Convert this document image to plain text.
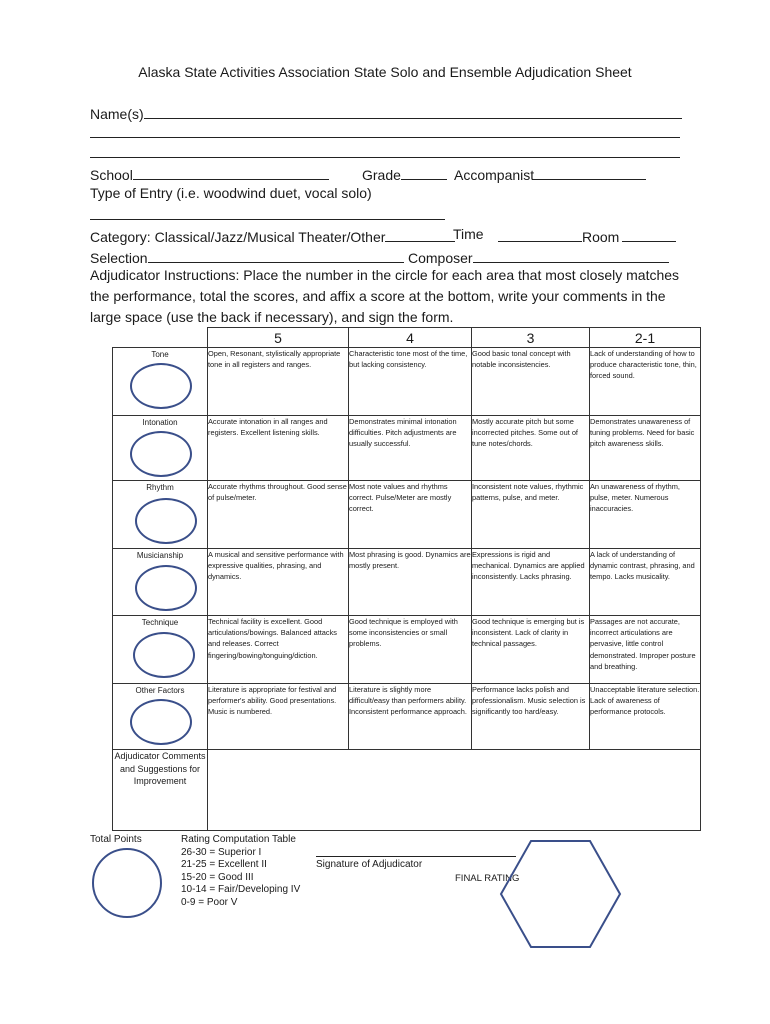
Alaska State Activities Association State Solo and Ensemble Adjudication Sheet
Name(s)
School	Grade	Accompanist
Type of Entry (i.e. woodwind duet, vocal solo)
Category: Classical/Jazz/Musical Theater/Other	Time	Room
Selection	Composer
Adjudicator Instructions: Place the number in the circle for each area that most closely matches the performance, total the scores, and affix a score at the bottom, write your comments in the large space (use the back if necessary), and sign the form.
	5	4	3	2-1

Tone	Open, Resonant, stylistically appropriate tone in all registers and ranges.	Characteristic tone most of the time, but lacking consistency.	Good basic tonal concept with notable inconsistencies.	Lack of understanding of how to produce characteristic tone, thin, forced sound.

Intonation	Accurate intonation in all ranges and registers. Excellent listening skills.	Demonstrates minimal intonation difficulties. Pitch adjustments are usually successful.	Mostly accurate pitch but some incorrected pitches. Some out of tune notes/chords.	Demonstrates unawareness of tuning problems. Need for basic pitch awareness skills.

Rhythm	Accurate rhythms throughout. Good sense of pulse/meter.	Most note values and rhythms correct. Pulse/Meter are mostly correct.	Inconsistent note values, rhythmic patterns, pulse, and meter.	An unawareness of rhythm, pulse, meter. Numerous inaccuracies.

Musicianship	A musical and sensitive performance with expressive qualities, phrasing, and dynamics.	Most phrasing is good. Dynamics are mostly present.	Expressions is rigid and mechanical. Dynamics are applied inconsistently. Lacks phrasing.	A lack of understanding of dynamic contrast, phrasing, and tempo. Lacks musicality.

Technique	Technical facility is excellent. Good articulations/bowings. Balanced attacks and releases. Correct fingering/bowing/tonguing/diction.	Good technique is employed with some inconsistencies or small problems.	Good technique is emerging but is inconsistent. Lack of clarity in technical passages.	Passages are not accurate, incorrect articulations are pervasive, little control demonstrated. Improper posture and breathing.

Other Factors	Literature is appropriate for festival and performer's ability. Good presentations. Music is numbered.	Literature is slightly more difficult/easy than performers ability. Inconsistent performance approach.	Performance lacks polish and professionalism. Music selection is significantly too hard/easy.	Unacceptable literature selection. Lack of awareness of performance protocols.
Adjudicator Comments and Suggestions for Improvement				
Total Points	Rating Computation Table
26-30 = Superior I
21-25 = Excellent II
15-20 = Good III
10-14 = Fair/Developing IV
0-9 = Poor V
Signature of Adjudicator
FINAL RATING
